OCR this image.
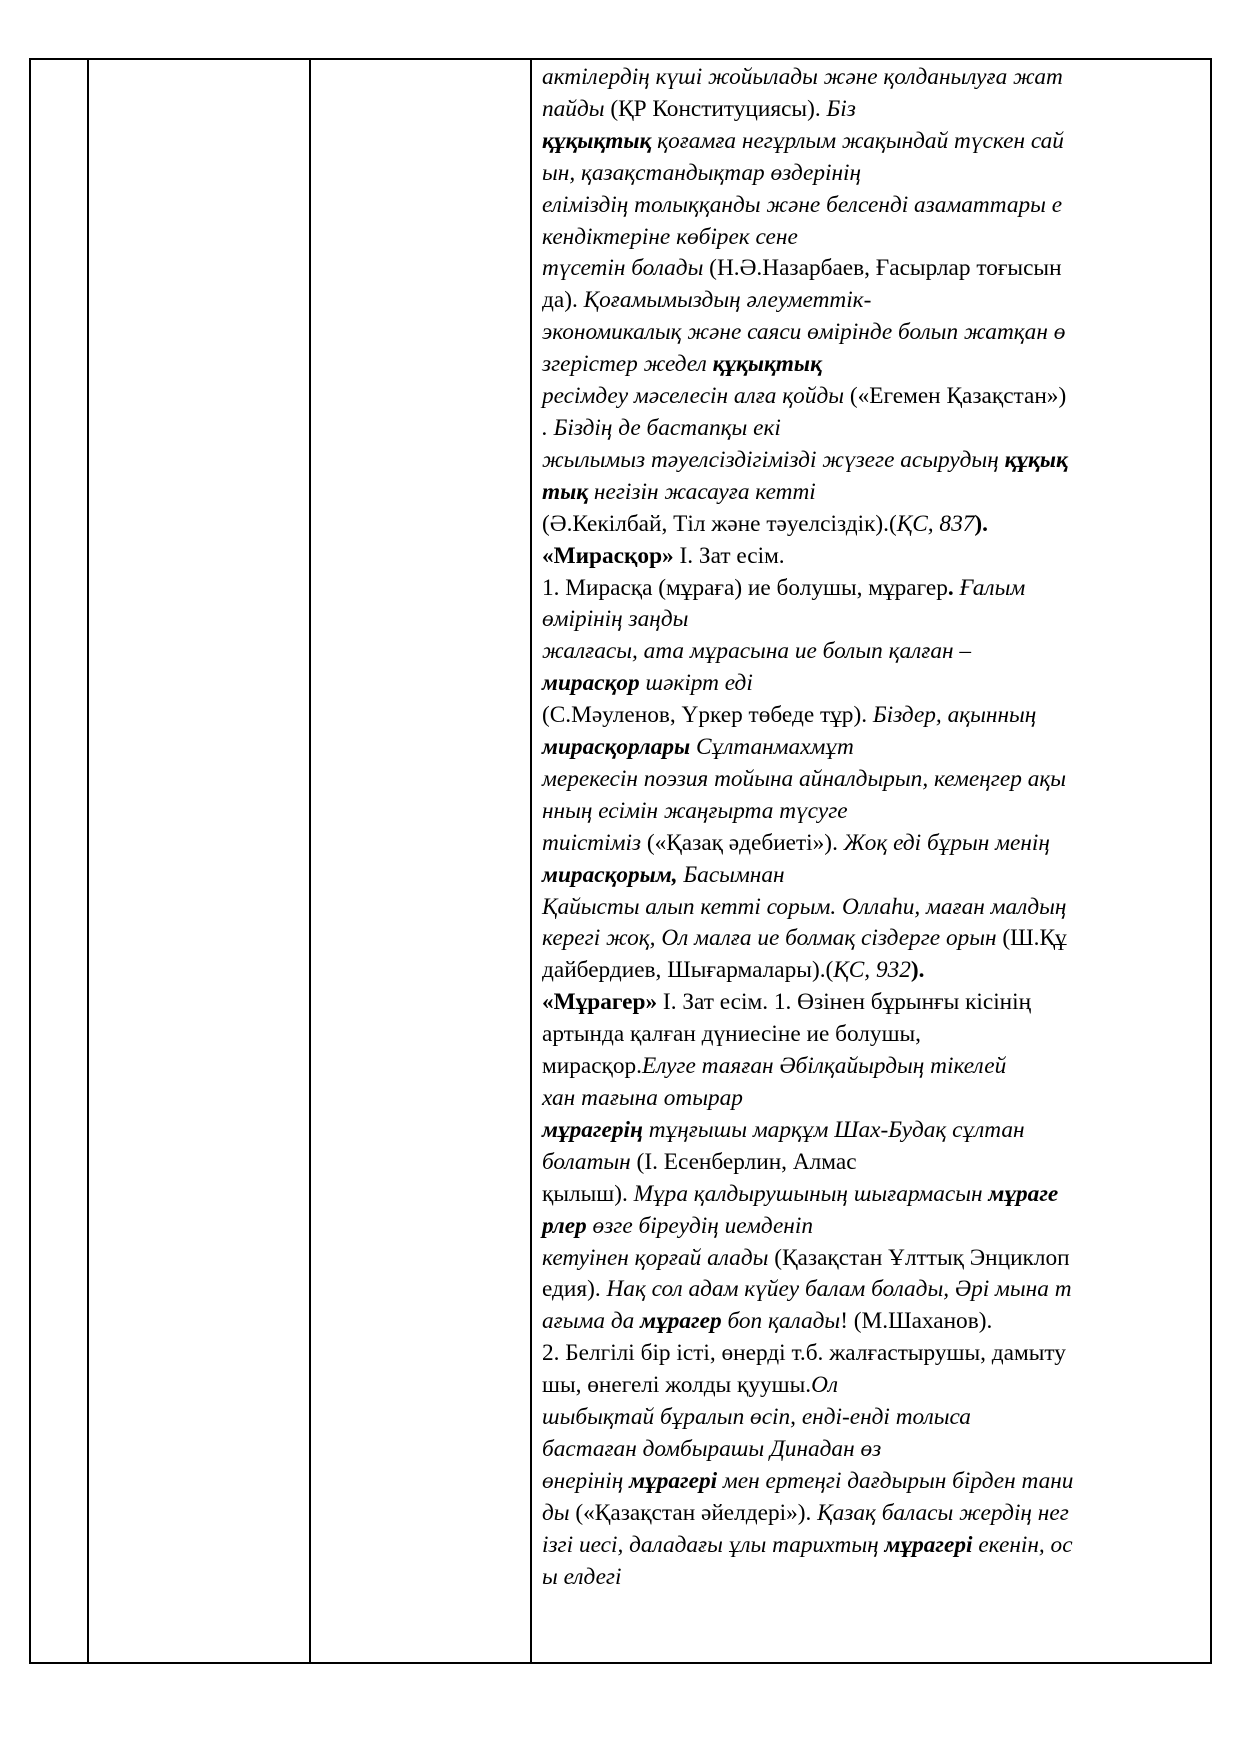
актілердің күші жойылады және қолданылуға жат

пайды (ҚР Конституциясы). Біз

құқықтық қоғамға негұрлым жақындай түскен сай

ын, қазақстандықтар өздерінің

еліміздің толыққанды және белсенді азаматтары е

кендіктеріне көбірек сене

түсетін болады (Н.Ә.Назарбаев, Ғасырлар тоғысын

да). Қоғамымыздың әлеуметтік-

экономикалық және саяси өмірінде болып жатқан ө

згерістер жедел құқықтық

ресімдеу мәселесін алға қойды («Егемен Қазақстан»)

. Біздің де бастапқы екі

жылымыз тәуелсіздігімізді жүзеге асырудың құқық

тық негізін жасауға кетті

(Ә.Кекілбай, Тіл және тәуелсіздік).(ҚС, 837).

«Мирасқор» I. Зат есім.

1. Мирасқа (мұраға) ие болушы, мұрагер. Ғалым

өмірінің заңды

жалғасы, ата мұрасына ие болып қалған –

мирасқор шәкірт еді

(С.Мәуленов, Үркер төбеде тұр). Біздер, ақынның

мирасқорлары Сұлтанмахмұт

мерекесін поэзия тойына айналдырып, кемеңгер ақы

нның есімін жаңғырта түсуге

тиістіміз («Қазақ әдебиеті»). Жоқ еді бұрын менің

мирасқорым, Басымнан

Қайысты алып кетті сорым. Оллаһи, маған малдың

керегі жоқ, Ол малға ие болмақ сіздерге орын (Ш.Құ

дайбердиев, Шығармалары).(ҚС, 932).

«Мұрагер» I. Зат есім. 1. Өзінен бұрынғы кісінің

артында қалған дүниесіне ие болушы,

мирасқор.Елуге таяған Әбілқайырдың тікелей

хан тағына отырар

мұрагерің тұңғышы марқұм Шах-Будақ сұлтан

болатын (І. Есенберлин, Алмас

қылыш). Мұра қалдырушының шығармасын мұраге

рлер өзге біреудің иемденіп

кетуінен қорғай алады (Қазақстан Ұлттық Энциклоп

едия). Нақ сол адам күйеу балам болады, Әрі мына т

ағыма да мұрагер боп қалады! (М.Шаханов).

2. Белгілі бір істі, өнерді т.б. жалғастырушы, дамыту

шы, өнегелі жолды қуушы.Ол

шыбықтай бұралып өсіп, енді-енді толыса

бастаған домбырашы Динадан өз

өнерінің мұрагері мен ертеңгі дағдырын бірден тани

ды («Қазақстан әйелдері»). Қазақ баласы жердің нег

ізгі иесі, даладағы ұлы тарихтың мұрагері екенін, ос

ы елдегі
